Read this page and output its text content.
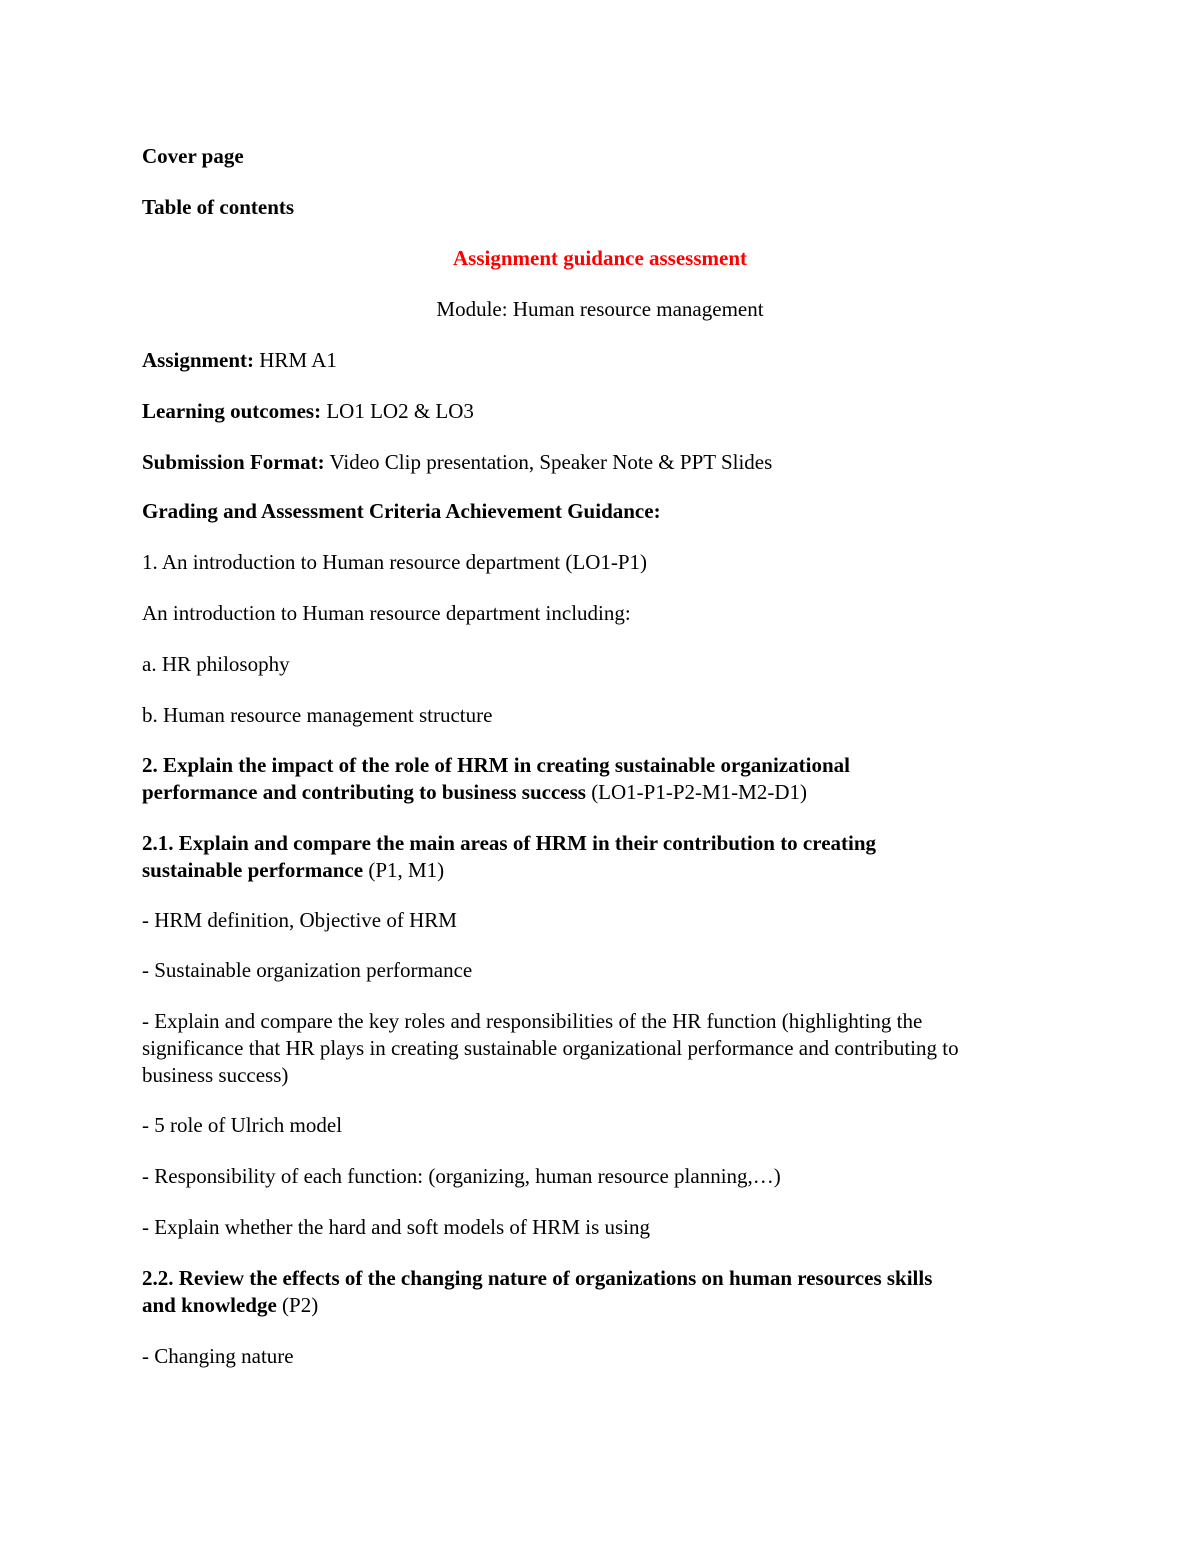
Cover page

Table of contents

Assignment guidance assessment

Module: Human resource management

Assignment: HRM A1

Learning outcomes: LO1 LO2 & LO3

Submission Format: Video Clip presentation, Speaker Note & PPT Slides

Grading and Assessment Criteria Achievement Guidance:

1. An introduction to Human resource department (LO1-P1)

An introduction to Human resource department including:

a. HR philosophy

b. Human resource management structure

2. Explain the impact of the role of HRM in creating sustainable organizational
performance and contributing to business success (LO1-P1-P2-M1-M2-D1)

2.1. Explain and compare the main areas of HRM in their contribution to creating
sustainable performance (P1, M1)

- HRM definition, Objective of HRM

- Sustainable organization performance

- Explain and compare the key roles and responsibilities of the HR function (highlighting the
significance that HR plays in creating sustainable organizational performance and contributing to
business success)

- 5 role of Ulrich model

- Responsibility of each function: (organizing, human resource planning,…)

- Explain whether the hard and soft models of HRM is using

2.2. Review the effects of the changing nature of organizations on human resources skills
and knowledge (P2)

- Changing nature
